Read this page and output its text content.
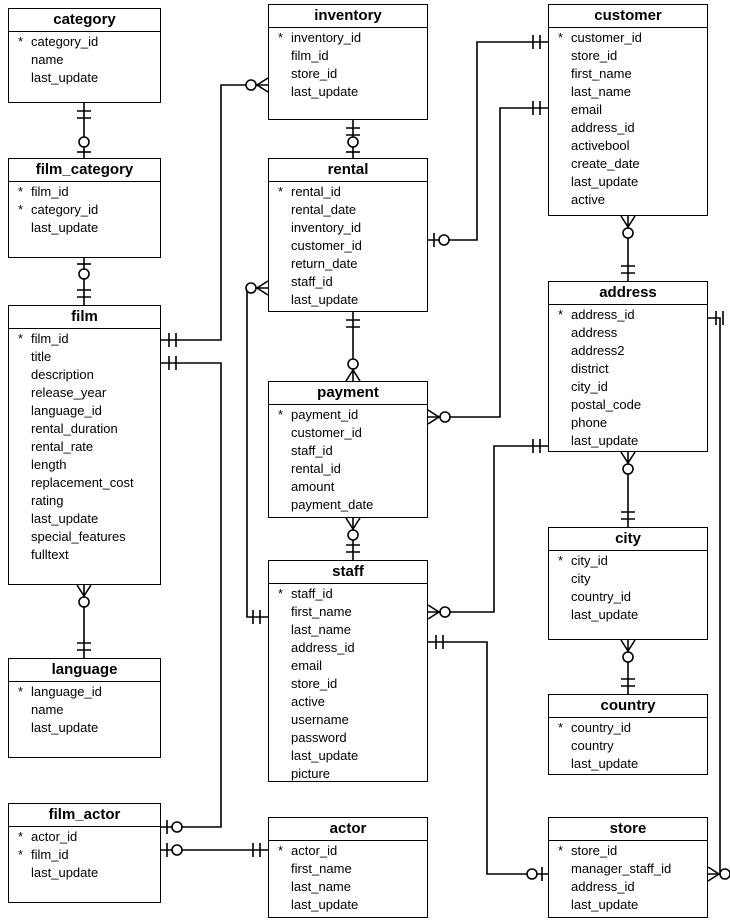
category
* category_id
name
last_update
film_category
* film_id
* category_id
last_update
film
* film_id
title
description
release_year
language_id
rental_duration
rental_rate
length
replacement_cost
rating
last_update
special_features
fulltext
language
* language_id
name
last_update
film_actor
* actor_id
* film_id
last_update
inventory
* inventory_id
film_id
store_id
last_update
rental
* rental_id
rental_date
inventory_id
customer_id
return_date
staff_id
last_update
payment
* payment_id
customer_id
staff_id
rental_id
amount
payment_date
staff
* staff_id
first_name
last_name
address_id
email
store_id
active
username
password
last_update
picture
actor
* actor_id
first_name
last_name
last_update
customer
* customer_id
store_id
first_name
last_name
email
address_id
activebool
create_date
last_update
active
address
* address_id
address
address2
district
city_id
postal_code
phone
last_update
city
* city_id
city
country_id
last_update
country
* country_id
country
last_update
store
* store_id
manager_staff_id
address_id
last_update
